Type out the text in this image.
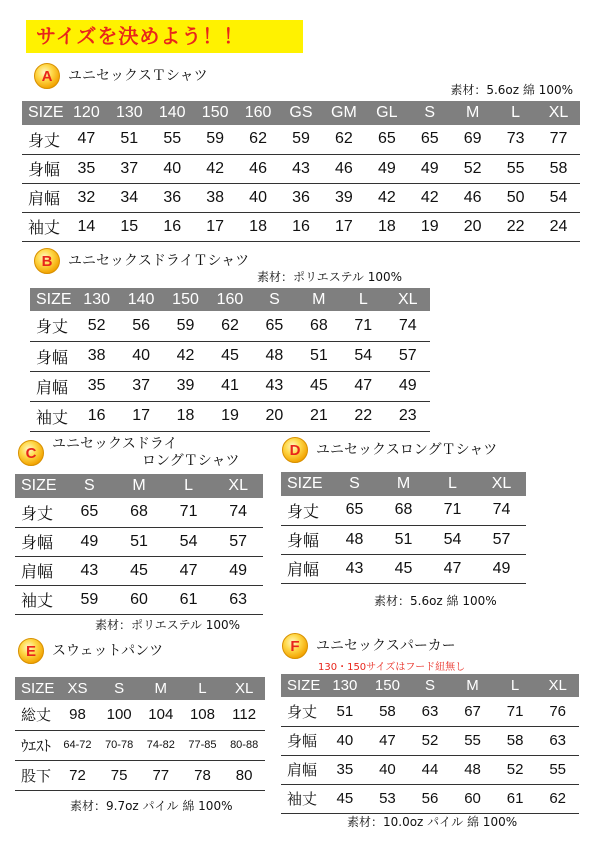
サイズを決めよう！！
A	ユニセックスＴシャツ
素材：5.6oz 綿 100%
SIZE	120	130	140	150	160	GS	GM	GL	S	M	L	XL
身丈	47	51	55	59	62	59	62	65	65	69	73	77
身幅	35	37	40	42	46	43	46	49	49	52	55	58
肩幅	32	34	36	38	40	36	39	42	42	46	50	54
袖丈	14	15	16	17	18	16	17	18	19	20	22	24
B	ユニセックスドライＴシャツ
素材：ポリエステル 100%
SIZE	130	140	150	160	S	M	L	XL
身丈	52	56	59	62	65	68	71	74
身幅	38	40	42	45	48	51	54	57
肩幅	35	37	39	41	43	45	47	49
袖丈	16	17	18	19	20	21	22	23
C
ユニセックスドライ
ロングＴシャツ
SIZE	S	M	L	XL
身丈	65	68	71	74
身幅	49	51	54	57
肩幅	43	45	47	49
袖丈	59	60	61	63
素材：ポリエステル 100%
D	ユニセックスロングＴシャツ
SIZE	S	M	L	XL
身丈	65	68	71	74
身幅	48	51	54	57
肩幅	43	45	47	49
素材：5.6oz 綿 100%
E	スウェットパンツ
SIZE	XS	S	M	L	XL
総丈	98	100	104	108	112
ｳｴｽﾄ	64-72	70-78	74-82	77-85	80-88
股下	72	75	77	78	80
素材：9.7oz パイル 綿 100%
F	ユニセックスパーカー
130・150サイズはフード紐無し
SIZE	130	150	S	M	L	XL
身丈	51	58	63	67	71	76
身幅	40	47	52	55	58	63
肩幅	35	40	44	48	52	55
袖丈	45	53	56	60	61	62
素材：10.0oz パイル 綿 100%
